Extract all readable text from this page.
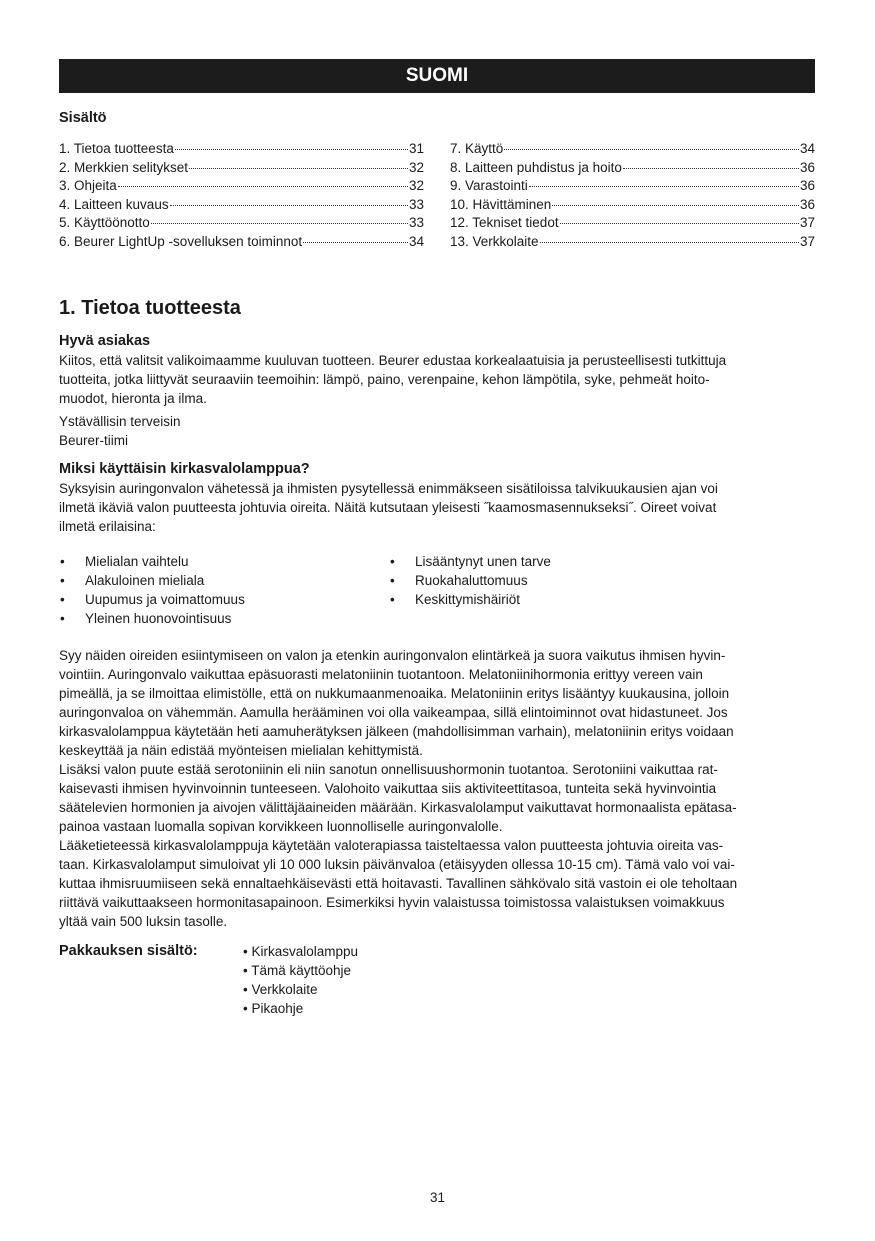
SUOMI
Sisältö
1. Tietoa tuotteesta	31
2. Merkkien selitykset	32
3. Ohjeita	32
4. Laitteen kuvaus	33
5. Käyttöönotto	33
6. Beurer LightUp -sovelluksen toiminnot	34
7. Käyttö	34
8. Laitteen puhdistus ja hoito	36
9. Varastointi	36
10. Hävittäminen	36
12. Tekniset tiedot	37
13. Verkkolaite	37
1. Tietoa tuotteesta
Hyvä asiakas
Kiitos, että valitsit valikoimaamme kuuluvan tuotteen. Beurer edustaa korkealaatuisia ja perusteellisesti tutkittuja
tuotteita, jotka liittyvät seuraaviin teemoihin: lämpö, paino, verenpaine, kehon lämpötila, syke, pehmeät hoito-
muodot, hieronta ja ilma.
Ystävällisin terveisin
Beurer-tiimi
Miksi käyttäisin kirkasvalolamppua?
Syksyisin auringonvalon vähetessä ja ihmisten pysytellessä enimmäkseen sisätiloissa talvikuukausien ajan voi
ilmetä ikäviä valon puutteesta johtuvia oireita. Näitä kutsutaan yleisesti ˝kaamosmasennukseksi˝. Oireet voivat
ilmetä erilaisina:
•	Mielialan vaihtelu
•	Alakuloinen mieliala
•	Uupumus ja voimattomuus
•	Yleinen huonovointisuus
•	Lisääntynyt unen tarve
•	Ruokahaluttomuus
•	Keskittymishäiriöt
Syy näiden oireiden esiintymiseen on valon ja etenkin auringonvalon elintärkeä ja suora vaikutus ihmisen hyvin-
vointiin. Auringonvalo vaikuttaa epäsuorasti melatoniinin tuotantoon. Melatoniinihormonia erittyy vereen vain
pimeällä, ja se ilmoittaa elimistölle, että on nukkumaanmenoaika. Melatoniinin eritys lisääntyy kuukausina, jolloin
auringonvaloa on vähemmän. Aamulla herääminen voi olla vaikeampaa, sillä elintoiminnot ovat hidastuneet. Jos
kirkasvalolamppua käytetään heti aamuherätyksen jälkeen (mahdollisimman varhain), melatoniinin eritys voidaan
keskeyttää ja näin edistää myönteisen mielialan kehittymistä.
Lisäksi valon puute estää serotoniinin eli niin sanotun onnellisuushormonin tuotantoa. Serotoniini vaikuttaa rat-
kaisevasti ihmisen hyvinvoinnin tunteeseen. Valohoito vaikuttaa siis aktiviteettitasoa, tunteita sekä hyvinvointia
säätelevien hormonien ja aivojen välittäjäaineiden määrään. Kirkasvalolamput vaikuttavat hormonaalista epätasa-
painoa vastaan luomalla sopivan korvikkeen luonnolliselle auringonvalolle.
Lääketieteessä kirkasvalolamppuja käytetään valoterapiassa taisteltaessa valon puutteesta johtuvia oireita vas-
taan. Kirkasvalolamput simuloivat yli 10 000 luksin päivänvaloa (etäisyyden ollessa 10-15 cm). Tämä valo voi vai-
kuttaa ihmisruumiiseen sekä ennaltaehkäisevästi että hoitavasti. Tavallinen sähkövalo sitä vastoin ei ole teholtaan
riittävä vaikuttaakseen hormonitasapainoon. Esimerkiksi hyvin valaistussa toimistossa valaistuksen voimakkuus
yltää vain 500 luksin tasolle.
Pakkauksen sisältö:	• Kirkasvalolamppu
• Tämä käyttöohje
• Verkkolaite
• Pikaohje
31
